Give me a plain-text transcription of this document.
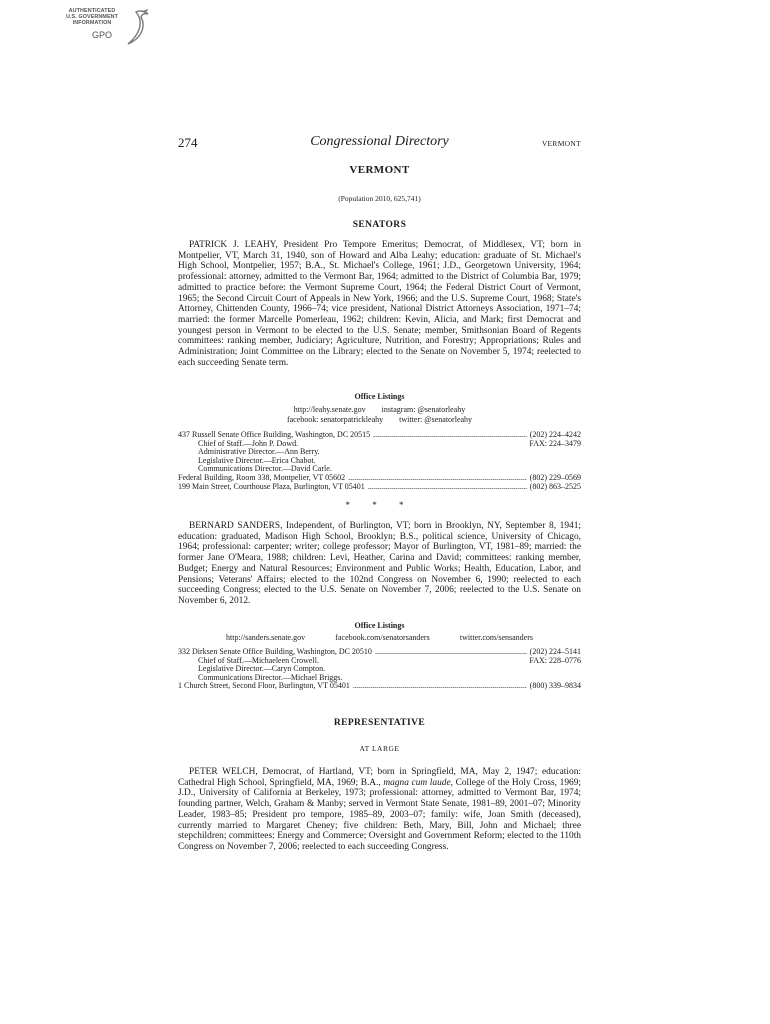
AUTHENTICATED
U.S. GOVERNMENT
INFORMATION
GPO
Congressional Directory
274	VERMONT
VERMONT
(Population 2010, 625,741)
SENATORS

PATRICK J. LEAHY, President Pro Tempore Emeritus; Democrat, of Middlesex, VT; born in Montpelier, VT, March 31, 1940, son of Howard and Alba Leahy; education: graduate of St. Michael's High School, Montpelier, 1957; B.A., St. Michael's College, 1961; J.D., Georgetown University, 1964; professional: attorney, admitted to the Vermont Bar, 1964; admitted to the District of Columbia Bar, 1979; admitted to practice before: the Vermont Supreme Court, 1964; the Federal District Court of Vermont, 1965; the Second Circuit Court of Appeals in New York, 1966; and the U.S. Supreme Court, 1968; State's Attorney, Chittenden County, 1966–74; vice president, National District Attorneys Association, 1971–74; married: the former Marcelle Pomerleau, 1962; children: Kevin, Alicia, and Mark; first Democrat and youngest person in Vermont to be elected to the U.S. Senate; member, Smithsonian Board of Regents committees: ranking member, Judiciary; Agriculture, Nutrition, and Forestry; Appropriations; Rules and Administration; Joint Committee on the Library; elected to the Senate on November 5, 1974; reelected to each succeeding Senate term.

Office Listings
http://leahy.senate.gov instagram: @senatorleahy
facebook: senatorpatrickleahy twitter: @senatorleahy
437 Russell Senate Office Building, Washington, DC 20515 . . .	(202) 224–4242
Chief of Staff.—John P. Dowd.	FAX: 224–3479
Administrative Director.—Ann Berry.
Legislative Director.—Erica Chabot.
Communications Director.—David Carle.
Federal Building, Room 338, Montpelier, VT 05602 . . .	(802) 229–0569
199 Main Street, Courthouse Plaza, Burlington, VT 05401 . . .	(802) 863–2525
* * *

BERNARD SANDERS, Independent, of Burlington, VT; born in Brooklyn, NY, September 8, 1941; education: graduated, Madison High School, Brooklyn; B.S., political science, University of Chicago, 1964; professional: carpenter; writer; college professor; Mayor of Burlington, VT, 1981–89; married: the former Jane O'Meara, 1988; children: Levi, Heather, Carina and David; committees: ranking member, Budget; Energy and Natural Resources; Environment and Public Works; Health, Education, Labor, and Pensions; Veterans' Affairs; elected to the 102nd Congress on November 6, 1990; reelected to each succeeding Congress; elected to the U.S. Senate on November 7, 2006; reelected to the U.S. Senate on November 6, 2012.

Office Listings
http://sanders.senate.gov	facebook.com/senatorsanders	twitter.com/sensanders
332 Dirksen Senate Office Building, Washington, DC 20510 . . .	(202) 224–5141
Chief of Staff.—Michaeleen Crowell.	FAX: 228–0776
Legislative Director.—Caryn Compton.
Communications Director.—Michael Briggs.
1 Church Street, Second Floor, Burlington, VT 05401 . . .	(800) 339–9834
REPRESENTATIVE
AT LARGE

PETER WELCH, Democrat, of Hartland, VT; born in Springfield, MA, May 2, 1947; education: Cathedral High School, Springfield, MA, 1969; B.A., magna cum laude, College of the Holy Cross, 1969; J.D., University of California at Berkeley, 1973; professional: attorney, admitted to Vermont Bar, 1974; founding partner, Welch, Graham & Manby; served in Vermont State Senate, 1981–89, 2001–07; Minority Leader, 1983–85; President pro tempore, 1985–89, 2003–07; family: wife, Joan Smith (deceased), currently married to Margaret Cheney; five children: Beth, Mary, Bill, John and Michael; three stepchildren; committees: Energy and Commerce; Oversight and Government Reform; elected to the 110th Congress on November 7, 2006; reelected to each succeeding Congress.
